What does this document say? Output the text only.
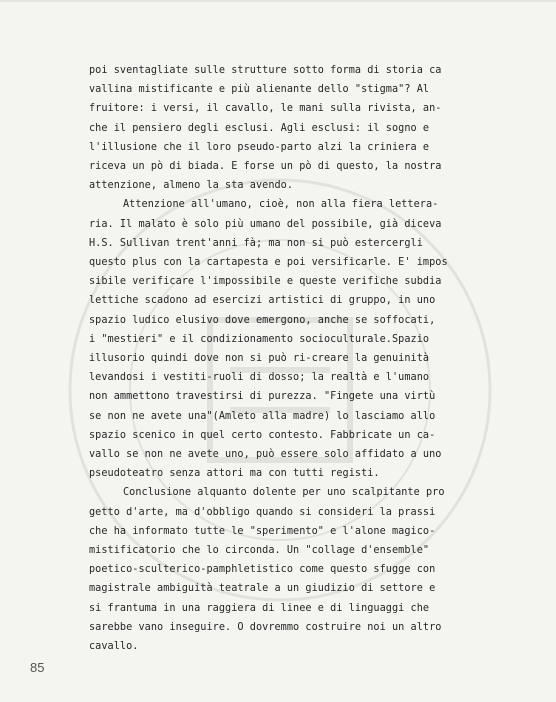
poi sventagliate sulle strutture sotto forma di storia ca
vallina mistificante e più alienante dello "stigma"? Al
fruitore: i versi, il cavallo, le mani sulla rivista, an-
che il pensiero degli esclusi. Agli esclusi: il sogno e
l'illusione che il loro pseudo-parto alzi la criniera e
riceva un pò di biada. E forse un pò di questo, la nostra
attenzione, almeno la sta avendo.

Attenzione all'umano, cioè, non alla fiera lettera-
ria. Il malato è solo più umano del possibile, già diceva
H.S. Sullivan trent'anni fà; ma non si può estercergli
questo plus con la cartapesta e poi versificarle. E' impos
sibile verificare l'impossibile e queste verifiche subdia
lettiche scadono ad esercizi artistici di gruppo, in uno
spazio ludico elusivo dove emergono, anche se soffocati,
i "mestieri" e il condizionamento socioculturale.Spazio
illusorio quindi dove non si può ri-creare la genuinità
levandosi i vestiti-ruoli di dosso; la realtà e l'umano
non ammettono travestirsi di purezza. "Fingete una virtù
se non ne avete una"(Amleto alla madre) lo lasciamo allo
spazio scenico in quel certo contesto. Fabbricate un ca-
vallo se non ne avete uno, può essere solo affidato a uno
pseudoteatro senza attori ma con tutti registi.

Conclusione alquanto dolente per uno scalpitante pro
getto d'arte, ma d'obbligo quando si consideri la prassi
che ha informato tutte le "sperimento" e l'alone magico-
mistificatorio che lo circonda. Un "collage d'ensemble"
poetico-sculterico-pamphletistico come questo sfugge con
magistrale ambiguità teatrale a un giudizio di settore e
si frantuma in una raggiera di linee e di linguaggi che
sarebbe vano inseguire. O dovremmo costruire noi un altro
cavallo.

85
